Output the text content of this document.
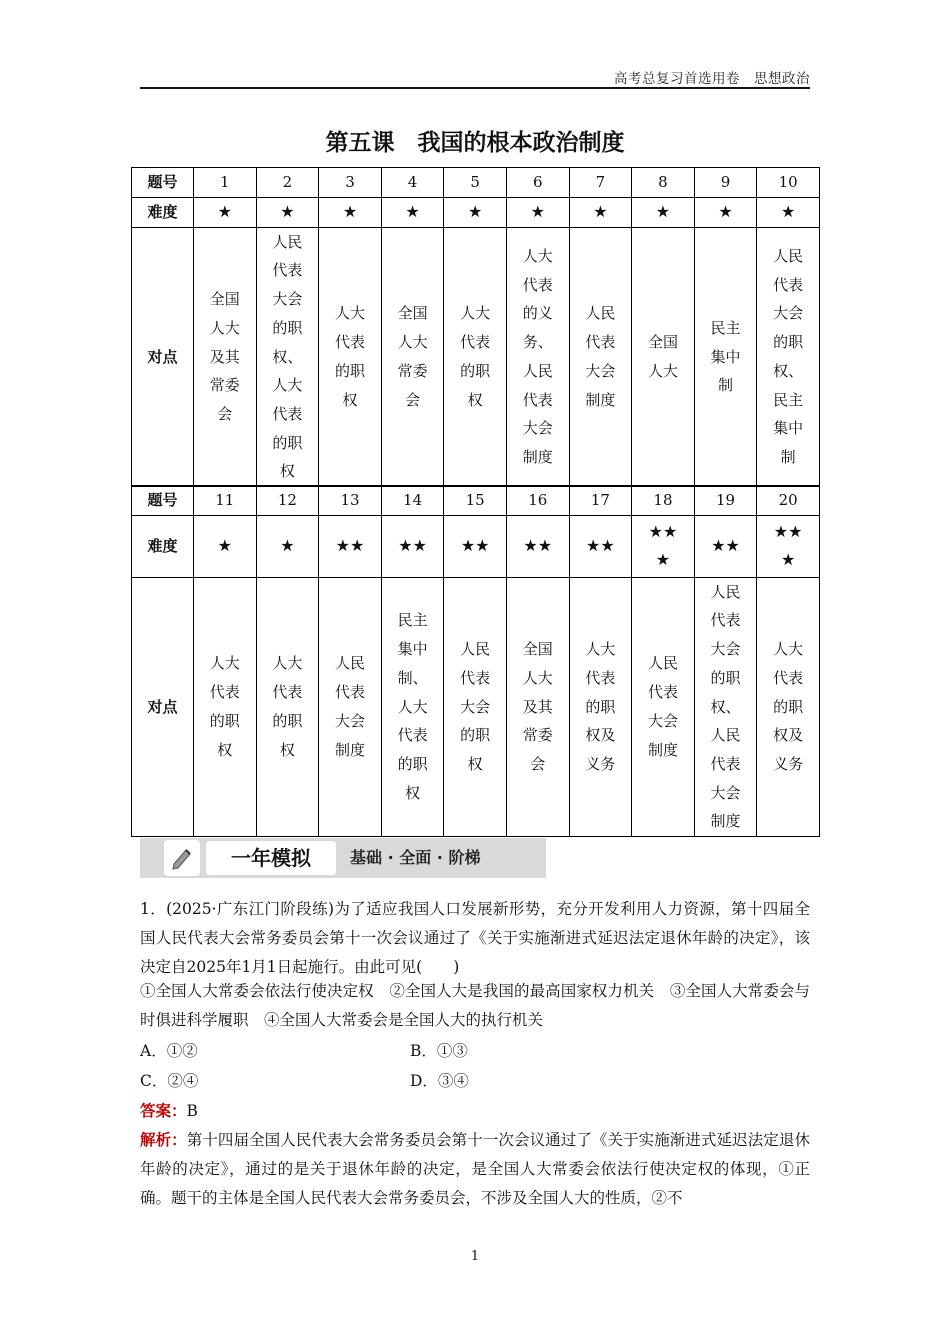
高考总复习首选用卷　思想政治
第五课　我国的根本政治制度
题号	1	2	3	4	5	6	7	8	9	10
难度	★	★	★	★	★	★	★	★	★	★

对点	全国人大及其常委会	人民代表大会的职权、人大代表的职权	人大代表的职权	全国人大常委会	人大代表的职权	人大代表的义务、人民代表大会制度	人民代表大会制度	全国人大	民主集中制	人民代表大会的职权、民主集中制
题号	11	12	13	14	15	16	17	18	19	20
难度	★	★	★★	★★	★★	★★	★★	★★★	★★	★★★

对点	人大代表的职权	人大代表的职权	人民代表大会制度	民主集中制、人大代表的职权	人民代表大会的职权	全国人大及其常委会	人大代表的职权及义务	人民代表大会制度	人民代表大会的职权、人民代表大会制度	人大代表的职权及义务
一年模拟	基础 · 全面 · 阶梯
1．(2025·广东江门阶段练)为了适应我国人口发展新形势，充分开发利用人力资源，第十四届全国人民代表大会常务委员会第十一次会议通过了《关于实施渐进式延迟法定退休年龄的决定》，该决定自2025年1月1日起施行。由此可见(　　)
①全国人大常委会依法行使决定权　②全国人大是我国的最高国家权力机关　③全国人大常委会与时俱进科学履职　④全国人大常委会是全国人大的执行机关
A．①②	B．①③
C．②④	D．③④
答案：B
解析：第十四届全国人民代表大会常务委员会第十一次会议通过了《关于实施渐进式延迟法定退休年龄的决定》，通过的是关于退休年龄的决定，是全国人大常委会依法行使决定权的体现，①正确。题干的主体是全国人民代表大会常务委员会，不涉及全国人大的性质，②不
1
